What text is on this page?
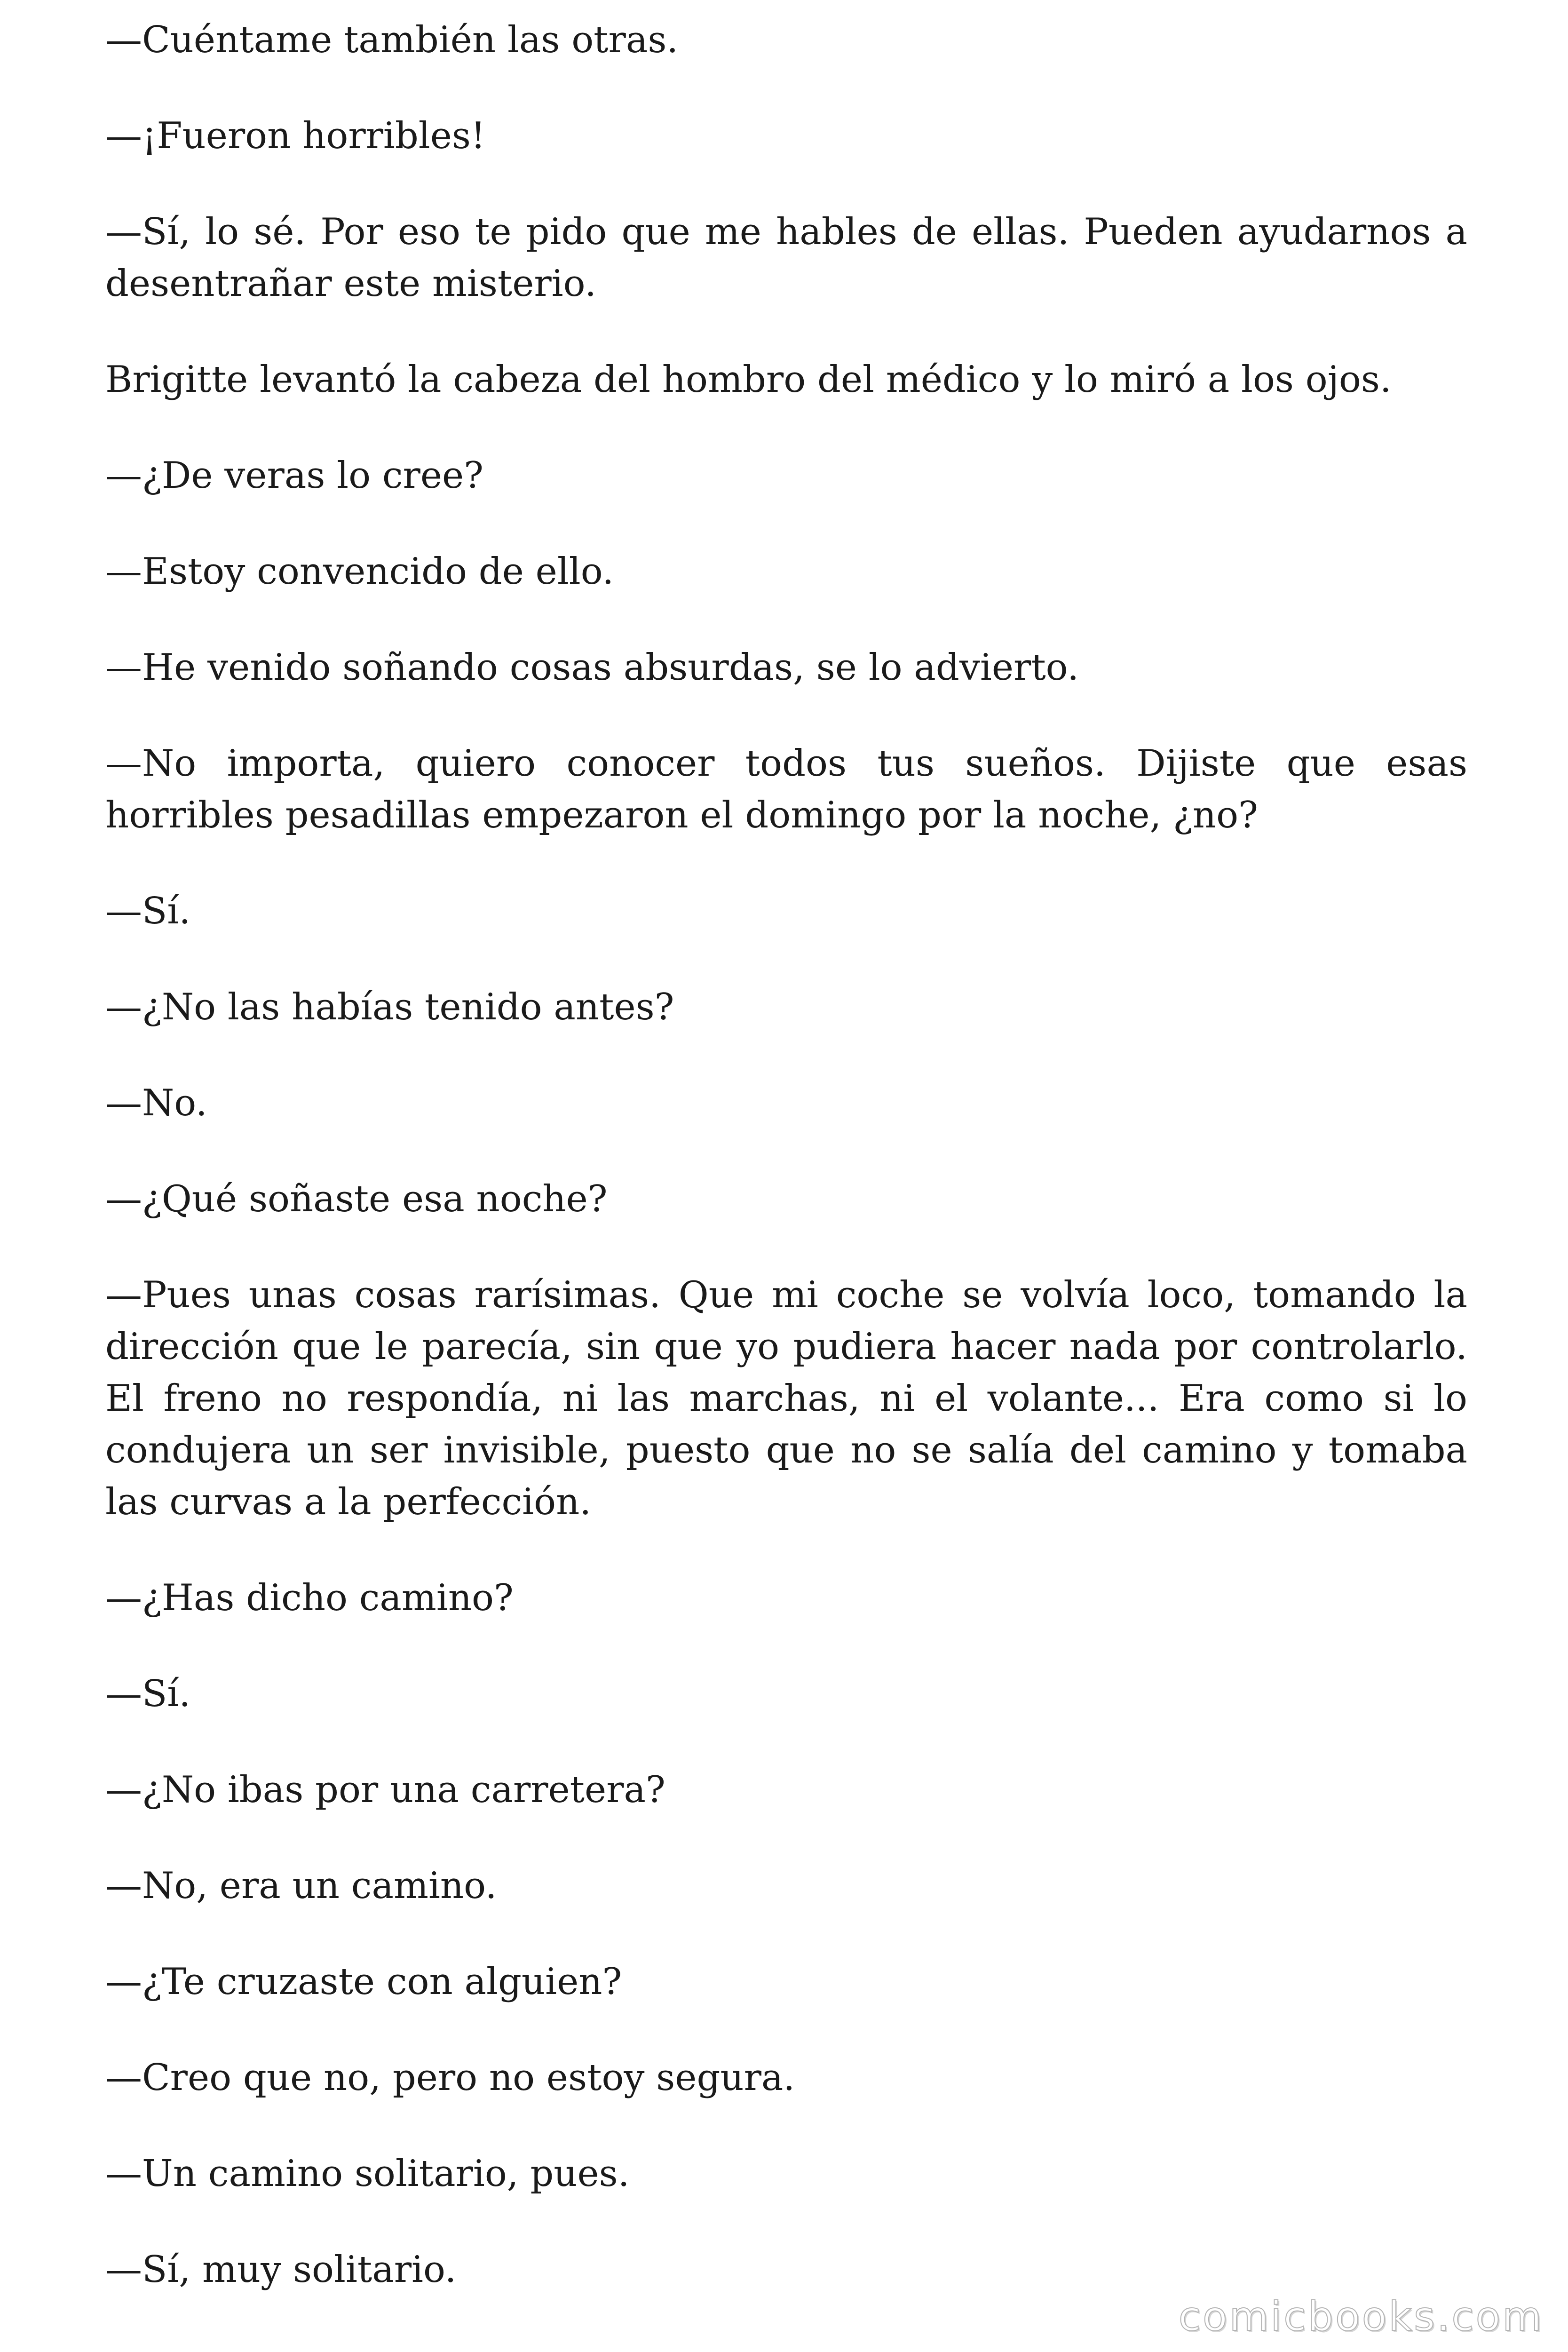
—Cuéntame también las otras.

—¡Fueron horribles!

—Sí, lo sé. Por eso te pido que me hables de ellas. Pueden ayudarnos a desentrañar este misterio.

Brigitte levantó la cabeza del hombro del médico y lo miró a los ojos.

—¿De veras lo cree?

—Estoy convencido de ello.

—He venido soñando cosas absurdas, se lo advierto.

—No importa, quiero conocer todos tus sueños. Dijiste que esas horribles pesadillas empezaron el domingo por la noche, ¿no?

—Sí.

—¿No las habías tenido antes?

—No.

—¿Qué soñaste esa noche?

—Pues unas cosas rarísimas. Que mi coche se volvía loco, tomando la dirección que le parecía, sin que yo pudiera hacer nada por controlarlo. El freno no respondía, ni las marchas, ni el volante... Era como si lo condujera un ser invisible, puesto que no se salía del camino y tomaba las curvas a la perfección.

—¿Has dicho camino?

—Sí.

—¿No ibas por una carretera?

—No, era un camino.

—¿Te cruzaste con alguien?

—Creo que no, pero no estoy segura.

—Un camino solitario, pues.

—Sí, muy solitario.

comicbooks.com
